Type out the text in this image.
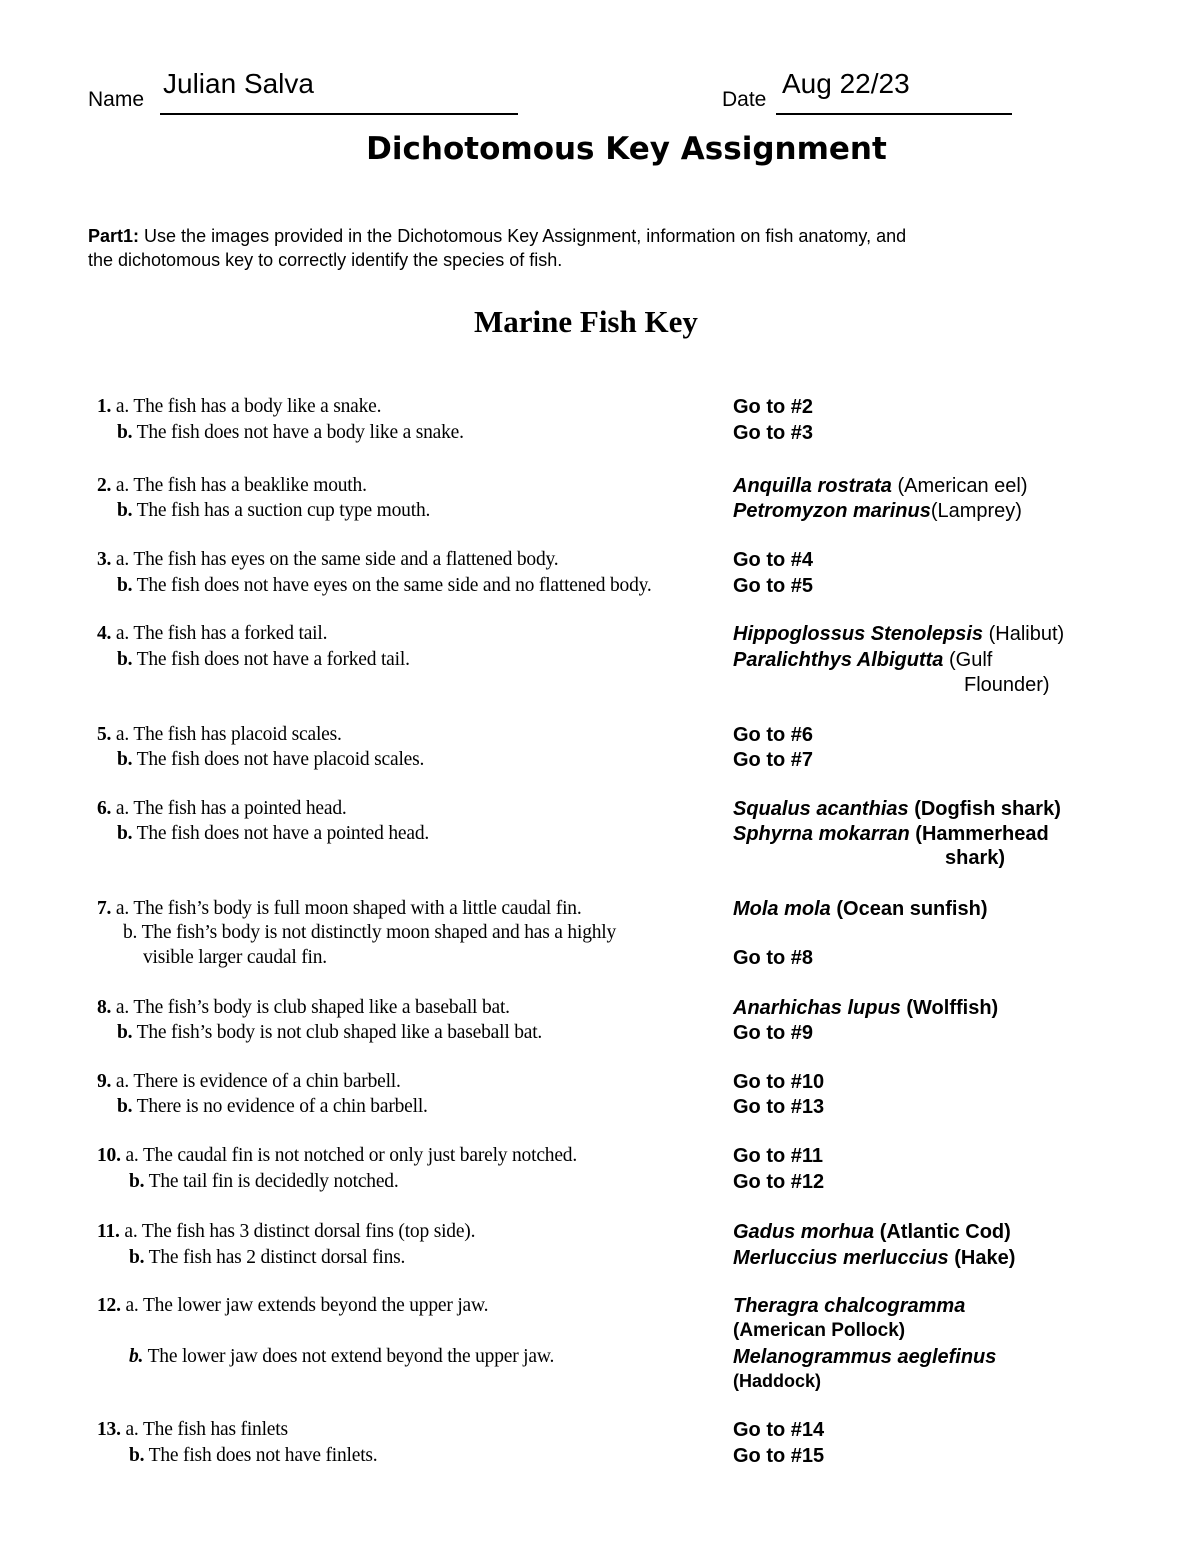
Name
Julian Salva
Date
Aug 22/23
Dichotomous Key Assignment
Part1: Use the images provided in the Dichotomous Key Assignment, information on fish anatomy, and
the dichotomous key to correctly identify the species of fish.
Marine Fish Key
1. a. The fish has a body like a snake.	Go to #2
b. The fish does not have a body like a snake.	Go to #3
2. a. The fish has a beaklike mouth.	Anquilla rostrata (American eel)
b. The fish has a suction cup type mouth.	Petromyzon marinus(Lamprey)
3. a. The fish has eyes on the same side and a flattened body.	Go to #4
b. The fish does not have eyes on the same side and no flattened body.	Go to #5
4. a. The fish has a forked tail.	Hippoglossus Stenolepsis (Halibut)
b. The fish does not have a forked tail.	Paralichthys Albigutta (Gulf
Flounder)
5. a. The fish has placoid scales.	Go to #6
b. The fish does not have placoid scales.	Go to #7
6. a. The fish has a pointed head.	Squalus acanthias (Dogfish shark)
b. The fish does not have a pointed head.	Sphyrna mokarran (Hammerhead
shark)
7. a. The fish’s body is full moon shaped with a little caudal fin.	Mola mola (Ocean sunfish)
b. The fish’s body is not distinctly moon shaped and has a highly
visible larger caudal fin.	Go to #8
8. a. The fish’s body is club shaped like a baseball bat.	Anarhichas lupus (Wolffish)
b. The fish’s body is not club shaped like a baseball bat.	Go to #9
9. a. There is evidence of a chin barbell.	Go to #10
b. There is no evidence of a chin barbell.	Go to #13
10. a. The caudal fin is not notched or only just barely notched.	Go to #11
b. The tail fin is decidedly notched.	Go to #12
11. a. The fish has 3 distinct dorsal fins (top side).	Gadus morhua (Atlantic Cod)
b. The fish has 2 distinct dorsal fins.	Merluccius merluccius (Hake)
12. a. The lower jaw extends beyond the upper jaw.	Theragra chalcogramma
(American Pollock)
b. The lower jaw does not extend beyond the upper jaw.	Melanogrammus aeglefinus
(Haddock)
13. a. The fish has finlets	Go to #14
b. The fish does not have finlets.	Go to #15
